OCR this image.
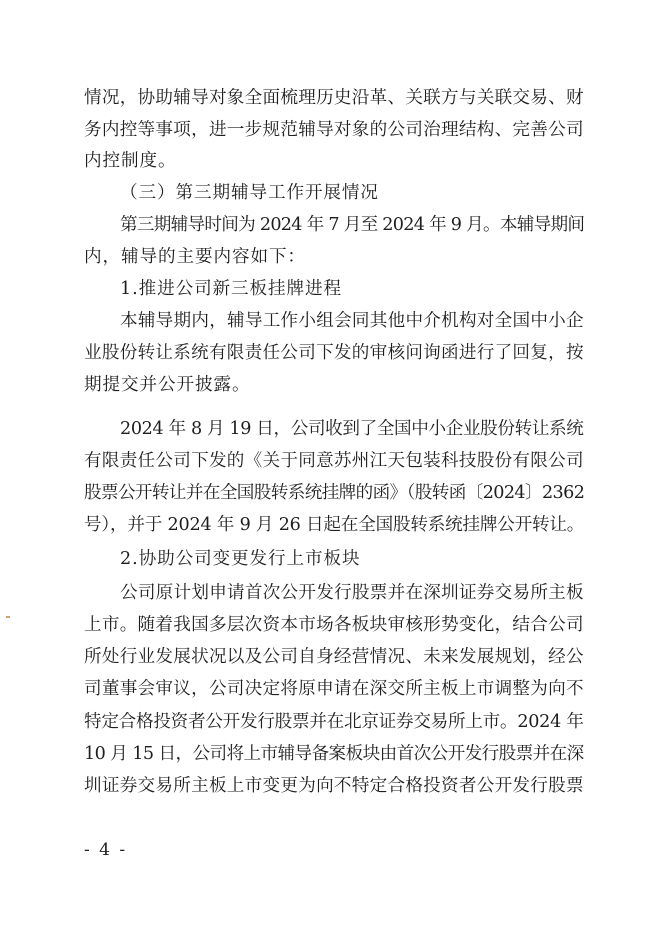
情况，协助辅导对象全面梳理历史沿革、关联方与关联交易、财
务内控等事项，进一步规范辅导对象的公司治理结构、完善公司
内控制度。
（三）第三期辅导工作开展情况
第三期辅导时间为 2024 年 7 月至 2024 年 9 月。本辅导期间
内，辅导的主要内容如下：
1.推进公司新三板挂牌进程
本辅导期内，辅导工作小组会同其他中介机构对全国中小企
业股份转让系统有限责任公司下发的审核问询函进行了回复，按
期提交并公开披露。
2024 年 8 月 19 日，公司收到了全国中小企业股份转让系统
有限责任公司下发的《关于同意苏州江天包装科技股份有限公司
股票公开转让并在全国股转系统挂牌的函》（股转函〔2024〕2362
号），并于 2024 年 9 月 26 日起在全国股转系统挂牌公开转让。
2.协助公司变更发行上市板块
公司原计划申请首次公开发行股票并在深圳证券交易所主板
上市。随着我国多层次资本市场各板块审核形势变化，结合公司
所处行业发展状况以及公司自身经营情况、未来发展规划，经公
司董事会审议，公司决定将原申请在深交所主板上市调整为向不
特定合格投资者公开发行股票并在北京证券交易所上市。2024 年
10 月 15 日，公司将上市辅导备案板块由首次公开发行股票并在深
圳证券交易所主板上市变更为向不特定合格投资者公开发行股票
- 4 -
